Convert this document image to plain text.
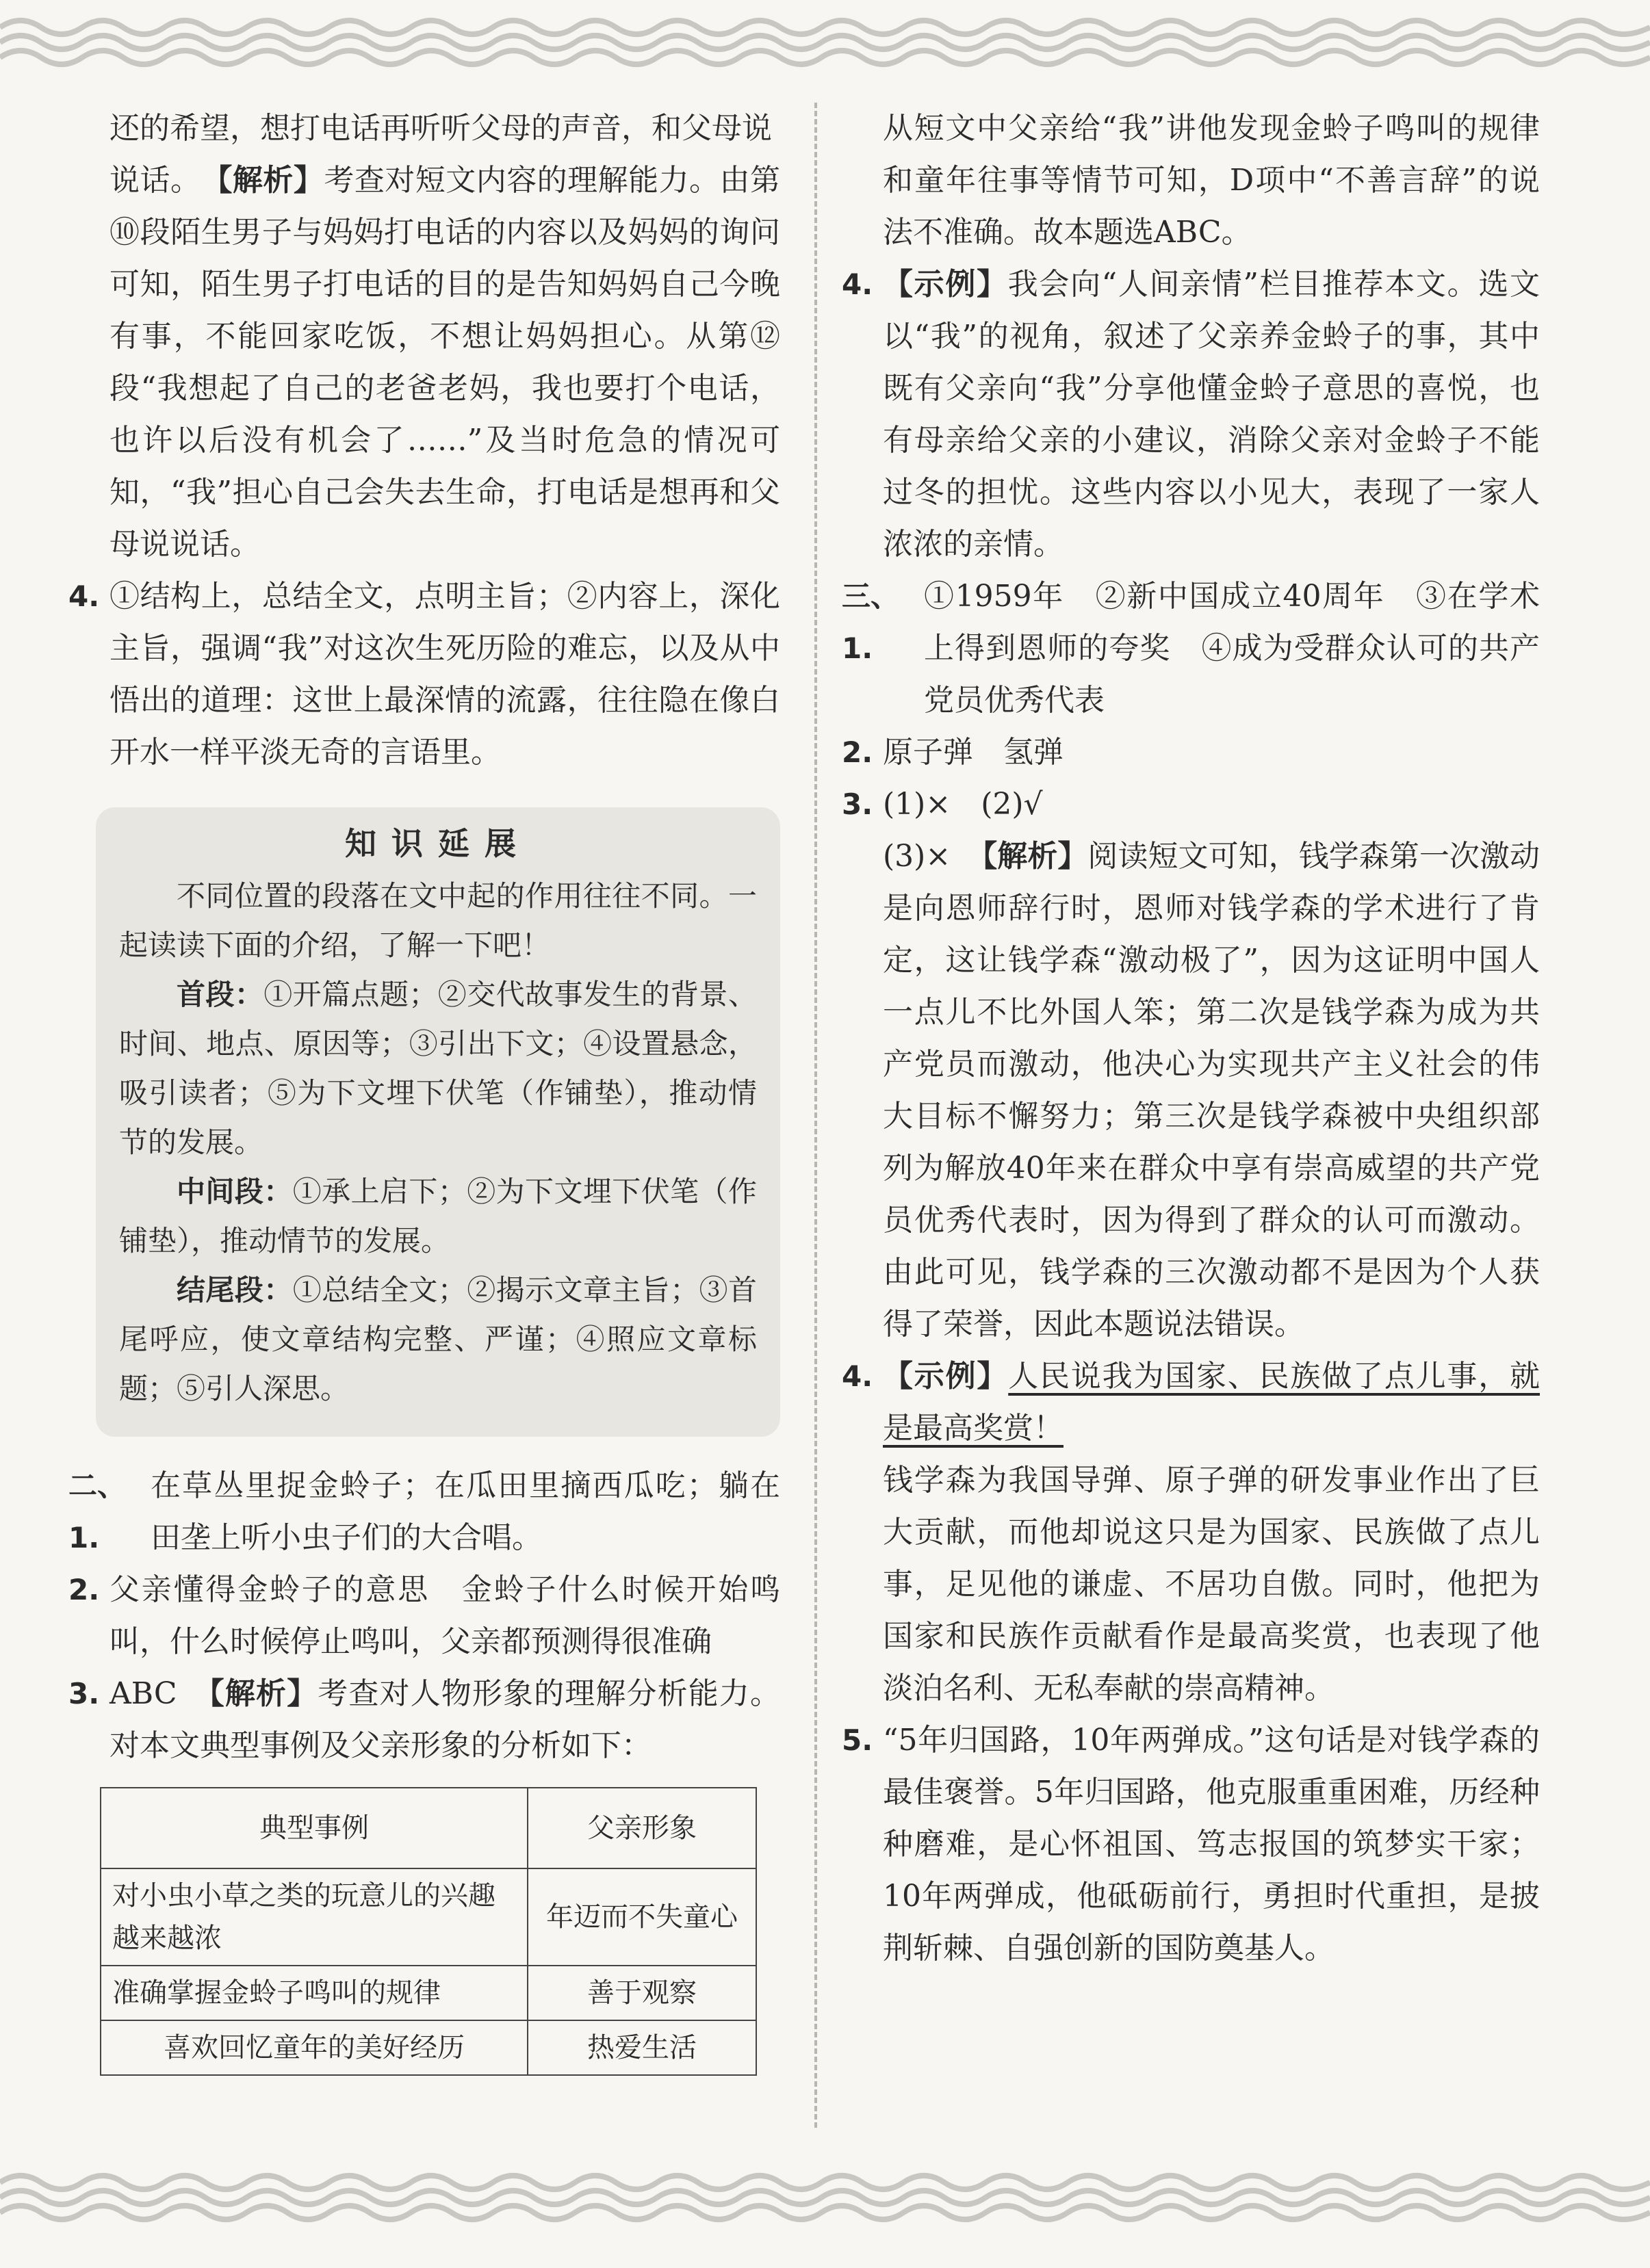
还的希望，想打电话再听听父母的声音，和父母说

说话。 【解析】考查对短文内容的理解能力。由第⑩段陌生男子与妈妈打电话的内容以及妈妈的询问可知，陌生男子打电话的目的是告知妈妈自己今晚有事，不能回家吃饭，不想让妈妈担心。从第⑫段“我想起了自己的老爸老妈，我也要打个电话，也许以后没有机会了……”及当时危急的情况可知，“我”担心自己会失去生命，打电话是想再和父母说说话。

4. ①结构上，总结全文，点明主旨；②内容上，深化主旨，强调“我”对这次生死历险的难忘，以及从中悟出的道理：这世上最深情的流露，往往隐在像白开水一样平淡无奇的言语里。

知识延展

不同位置的段落在文中起的作用往往不同。一起读读下面的介绍，了解一下吧！

首段：①开篇点题；②交代故事发生的背景、时间、地点、原因等；③引出下文；④设置悬念，吸引读者；⑤为下文埋下伏笔（作铺垫），推动情节的发展。

中间段：①承上启下；②为下文埋下伏笔（作铺垫），推动情节的发展。

结尾段：①总结全文；②揭示文章主旨；③首尾呼应，使文章结构完整、严谨；④照应文章标题；⑤引人深思。

二、1.

在草丛里捉金蛉子；在瓜田里摘西瓜吃；躺在田垄上听小虫子们的大合唱。

2. 父亲懂得金蛉子的意思　金蛉子什么时候开始鸣叫，什么时候停止鸣叫，父亲都预测得很准确

3. ABC 【解析】考查对人物形象的理解分析能力。对本文典型事例及父亲形象的分析如下：

典型事例	父亲形象
对小虫小草之类的玩意儿的兴趣越来越浓	年迈而不失童心
准确掌握金蛉子鸣叫的规律	善于观察
喜欢回忆童年的美好经历	热爱生活

从短文中父亲给“我”讲他发现金蛉子鸣叫的规律和童年往事等情节可知，D项中“不善言辞”的说法不准确。故本题选ABC。

4. 【示例】我会向“人间亲情”栏目推荐本文。选文以“我”的视角，叙述了父亲养金蛉子的事，其中既有父亲向“我”分享他懂金蛉子意思的喜悦，也有母亲给父亲的小建议，消除父亲对金蛉子不能过冬的担忧。这些内容以小见大，表现了一家人浓浓的亲情。

三、1.

①1959年　②新中国成立40周年　③在学术上得到恩师的夸奖　④成为受群众认可的共产党员优秀代表

2. 原子弹　氢弹

3. (1)×　(2)√

(3)× 【解析】阅读短文可知，钱学森第一次激动是向恩师辞行时，恩师对钱学森的学术进行了肯定，这让钱学森“激动极了”，因为这证明中国人一点儿不比外国人笨；第二次是钱学森为成为共产党员而激动，他决心为实现共产主义社会的伟大目标不懈努力；第三次是钱学森被中央组织部列为解放40年来在群众中享有崇高威望的共产党员优秀代表时，因为得到了群众的认可而激动。由此可见，钱学森的三次激动都不是因为个人获得了荣誉，因此本题说法错误。

4. 【示例】人民说我为国家、民族做了点儿事，就是最高奖赏！

钱学森为我国导弹、原子弹的研发事业作出了巨大贡献，而他却说这只是为国家、民族做了点儿事，足见他的谦虚、不居功自傲。同时，他把为国家和民族作贡献看作是最高奖赏，也表现了他淡泊名利、无私奉献的崇高精神。

5. “5年归国路，10年两弹成。”这句话是对钱学森的最佳褒誉。5年归国路，他克服重重困难，历经种种磨难，是心怀祖国、笃志报国的筑梦实干家；10年两弹成，他砥砺前行，勇担时代重担，是披荆斩棘、自强创新的国防奠基人。
